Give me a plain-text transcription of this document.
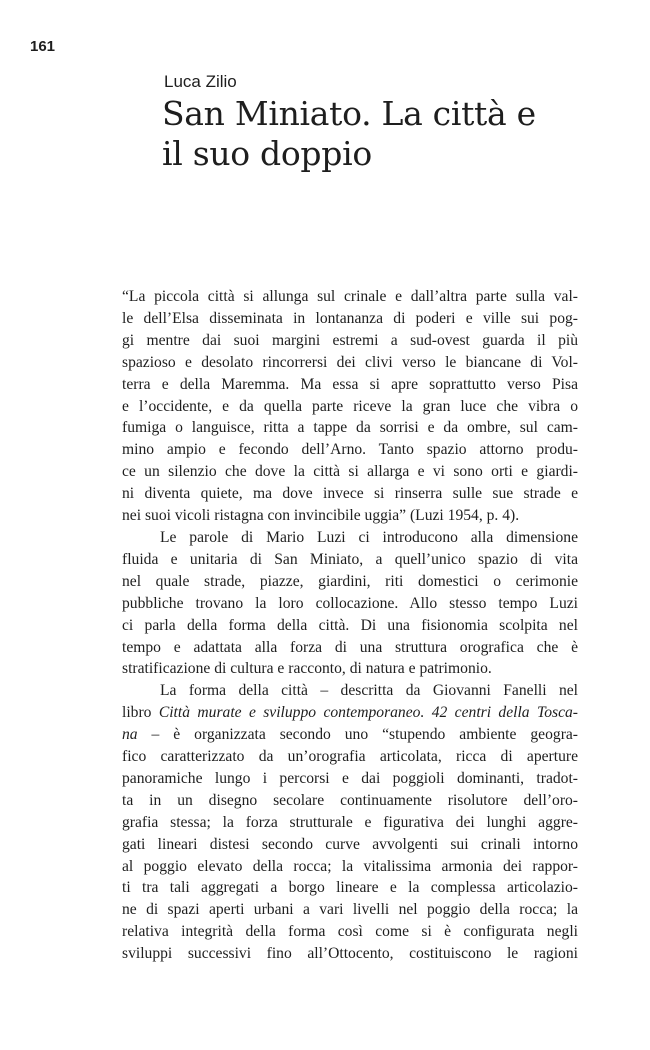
161
Luca Zilio
San Miniato. La città e
il suo doppio

“La piccola città si allunga sul crinale e dall’altra parte sulla val-
le dell’Elsa disseminata in lontananza di poderi e ville sui pog-
gi mentre dai suoi margini estremi a sud-ovest guarda il più
spazioso e desolato rincorrersi dei clivi verso le biancane di Vol-
terra e della Maremma. Ma essa si apre soprattutto verso Pisa
e l’occidente, e da quella parte riceve la gran luce che vibra o
fumiga o languisce, ritta a tappe da sorrisi e da ombre, sul cam-
mino ampio e fecondo dell’Arno. Tanto spazio attorno produ-
ce un silenzio che dove la città si allarga e vi sono orti e giardi-
ni diventa quiete, ma dove invece si rinserra sulle sue strade e
nei suoi vicoli ristagna con invincibile uggia” (Luzi 1954, p. 4).

Le parole di Mario Luzi ci introducono alla dimensione
fluida e unitaria di San Miniato, a quell’unico spazio di vita
nel quale strade, piazze, giardini, riti domestici o cerimonie
pubbliche trovano la loro collocazione. Allo stesso tempo Luzi
ci parla della forma della città. Di una fisionomia scolpita nel
tempo e adattata alla forza di una struttura orografica che è
stratificazione di cultura e racconto, di natura e patrimonio.

La forma della città – descritta da Giovanni Fanelli nel
libro Città murate e sviluppo contemporaneo. 42 centri della Tosca-
na – è organizzata secondo uno “stupendo ambiente geogra-
fico caratterizzato da un’orografia articolata, ricca di aperture
panoramiche lungo i percorsi e dai poggioli dominanti, tradot-
ta in un disegno secolare continuamente risolutore dell’oro-
grafia stessa; la forza strutturale e figurativa dei lunghi aggre-
gati lineari distesi secondo curve avvolgenti sui crinali intorno
al poggio elevato della rocca; la vitalissima armonia dei rappor-
ti tra tali aggregati a borgo lineare e la complessa articolazio-
ne di spazi aperti urbani a vari livelli nel poggio della rocca; la
relativa integrità della forma così come si è configurata negli
sviluppi successivi fino all’Ottocento, costituiscono le ragioni
